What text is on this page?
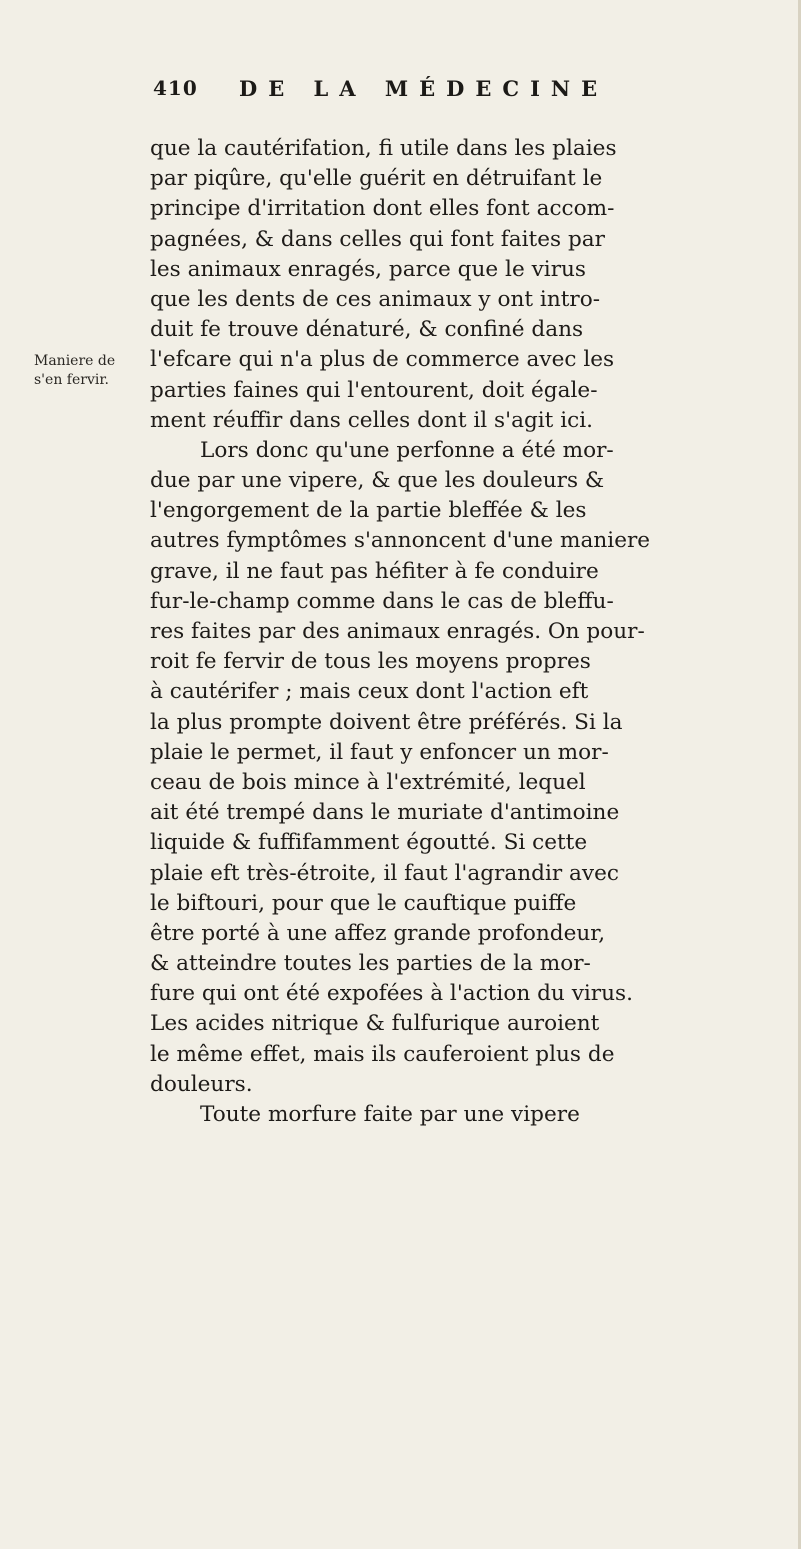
410 DE LA MÉDECINE
Maniere de
s'en fervir.
que la cautérifation, fi utile dans les plaies
par piqûre, qu'elle guérit en détruifant le
principe d'irritation dont elles font accom-
pagnées, & dans celles qui font faites par
les animaux enragés, parce que le virus
que les dents de ces animaux y ont intro-
duit fe trouve dénaturé, & confiné dans
l'efcare qui n'a plus de commerce avec les
parties faines qui l'entourent, doit égale-
ment réuffir dans celles dont il s'agit ici.
Lors donc qu'une perfonne a été mor-
due par une vipere, & que les douleurs &
l'engorgement de la partie bleffée & les
autres fymptômes s'annoncent d'une maniere
grave, il ne faut pas héfiter à fe conduire
fur-le-champ comme dans le cas de bleffu-
res faites par des animaux enragés. On pour-
roit fe fervir de tous les moyens propres
à cautérifer ; mais ceux dont l'action eft
la plus prompte doivent être préférés. Si la
plaie le permet, il faut y enfoncer un mor-
ceau de bois mince à l'extrémité, lequel
ait été trempé dans le muriate d'antimoine
liquide & fuffifamment égoutté. Si cette
plaie eft très-étroite, il faut l'agrandir avec
le biftouri, pour que le cauftique puiffe
être porté à une affez grande profondeur,
& atteindre toutes les parties de la mor-
fure qui ont été expofées à l'action du virus.
Les acides nitrique & fulfurique auroient
le même effet, mais ils cauferoient plus de
douleurs.
Toute morfure faite par une vipere
